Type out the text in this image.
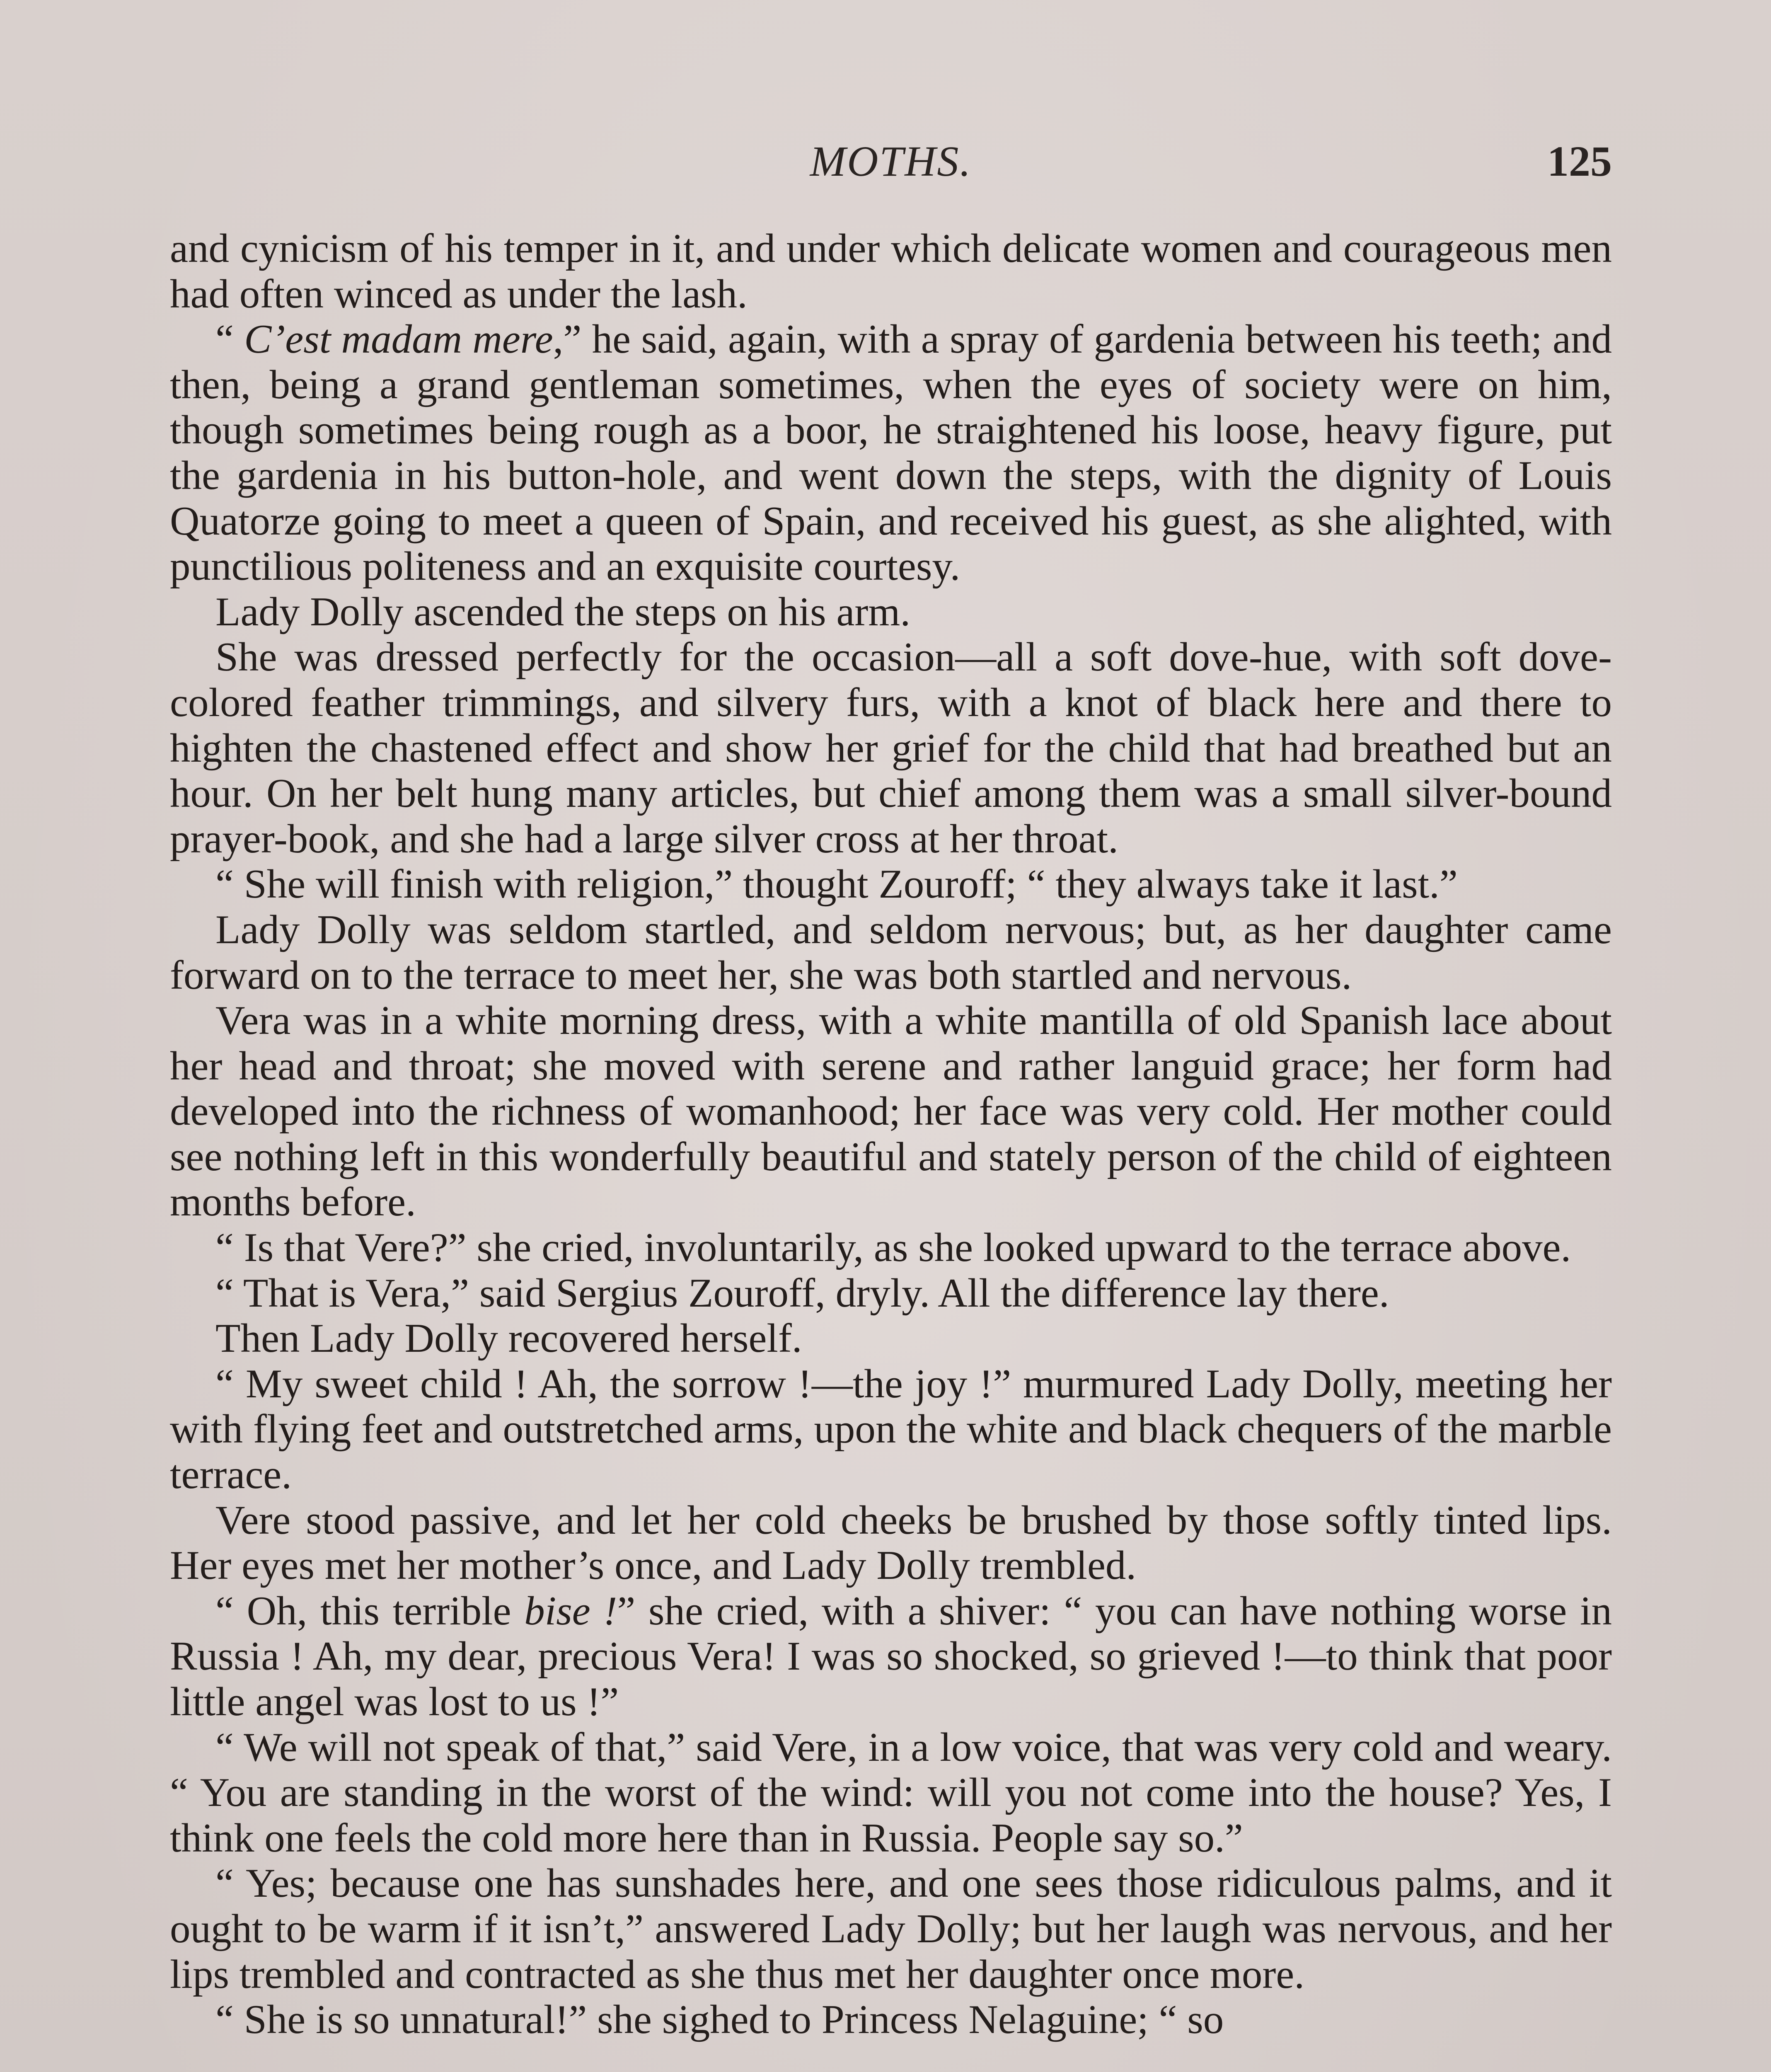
MOTHS.	125

and cynicism of his temper in it, and under which delicate women and courageous men had often winced as under the lash.

“ C’est madam mere,” he said, again, with a spray of gardenia between his teeth; and then, being a grand gentleman sometimes, when the eyes of society were on him, though sometimes being rough as a boor, he straightened his loose, heavy figure, put the gardenia in his button-hole, and went down the steps, with the dignity of Louis Quatorze going to meet a queen of Spain, and received his guest, as she alighted, with punctilious politeness and an exquisite courtesy.

Lady Dolly ascended the steps on his arm.

She was dressed perfectly for the occasion—all a soft dove-hue, with soft dove-colored feather trimmings, and silvery furs, with a knot of black here and there to highten the chastened effect and show her grief for the child that had breathed but an hour. On her belt hung many articles, but chief among them was a small silver-bound prayer-book, and she had a large silver cross at her throat.

“ She will finish with religion,” thought Zouroff; “ they always take it last.”

Lady Dolly was seldom startled, and seldom nervous; but, as her daughter came forward on to the terrace to meet her, she was both startled and nervous.

Vera was in a white morning dress, with a white mantilla of old Spanish lace about her head and throat; she moved with serene and rather languid grace; her form had developed into the richness of womanhood; her face was very cold. Her mother could see nothing left in this wonderfully beautiful and stately person of the child of eighteen months before.

“ Is that Vere?” she cried, involuntarily, as she looked upward to the terrace above.

“ That is Vera,” said Sergius Zouroff, dryly. All the difference lay there.

Then Lady Dolly recovered herself.

“ My sweet child ! Ah, the sorrow !—the joy !” murmured Lady Dolly, meeting her with flying feet and outstretched arms, upon the white and black chequers of the marble terrace.

Vere stood passive, and let her cold cheeks be brushed by those softly tinted lips. Her eyes met her mother’s once, and Lady Dolly trembled.

“ Oh, this terrible bise !” she cried, with a shiver: “ you can have nothing worse in Russia ! Ah, my dear, precious Vera! I was so shocked, so grieved !—to think that poor little angel was lost to us !”

“ We will not speak of that,” said Vere, in a low voice, that was very cold and weary. “ You are standing in the worst of the wind: will you not come into the house? Yes, I think one feels the cold more here than in Russia. People say so.”

“ Yes; because one has sunshades here, and one sees those ridiculous palms, and it ought to be warm if it isn’t,” answered Lady Dolly; but her laugh was nervous, and her lips trembled and contracted as she thus met her daughter once more.

“ She is so unnatural!” she sighed to Princess Nelaguine; “ so
